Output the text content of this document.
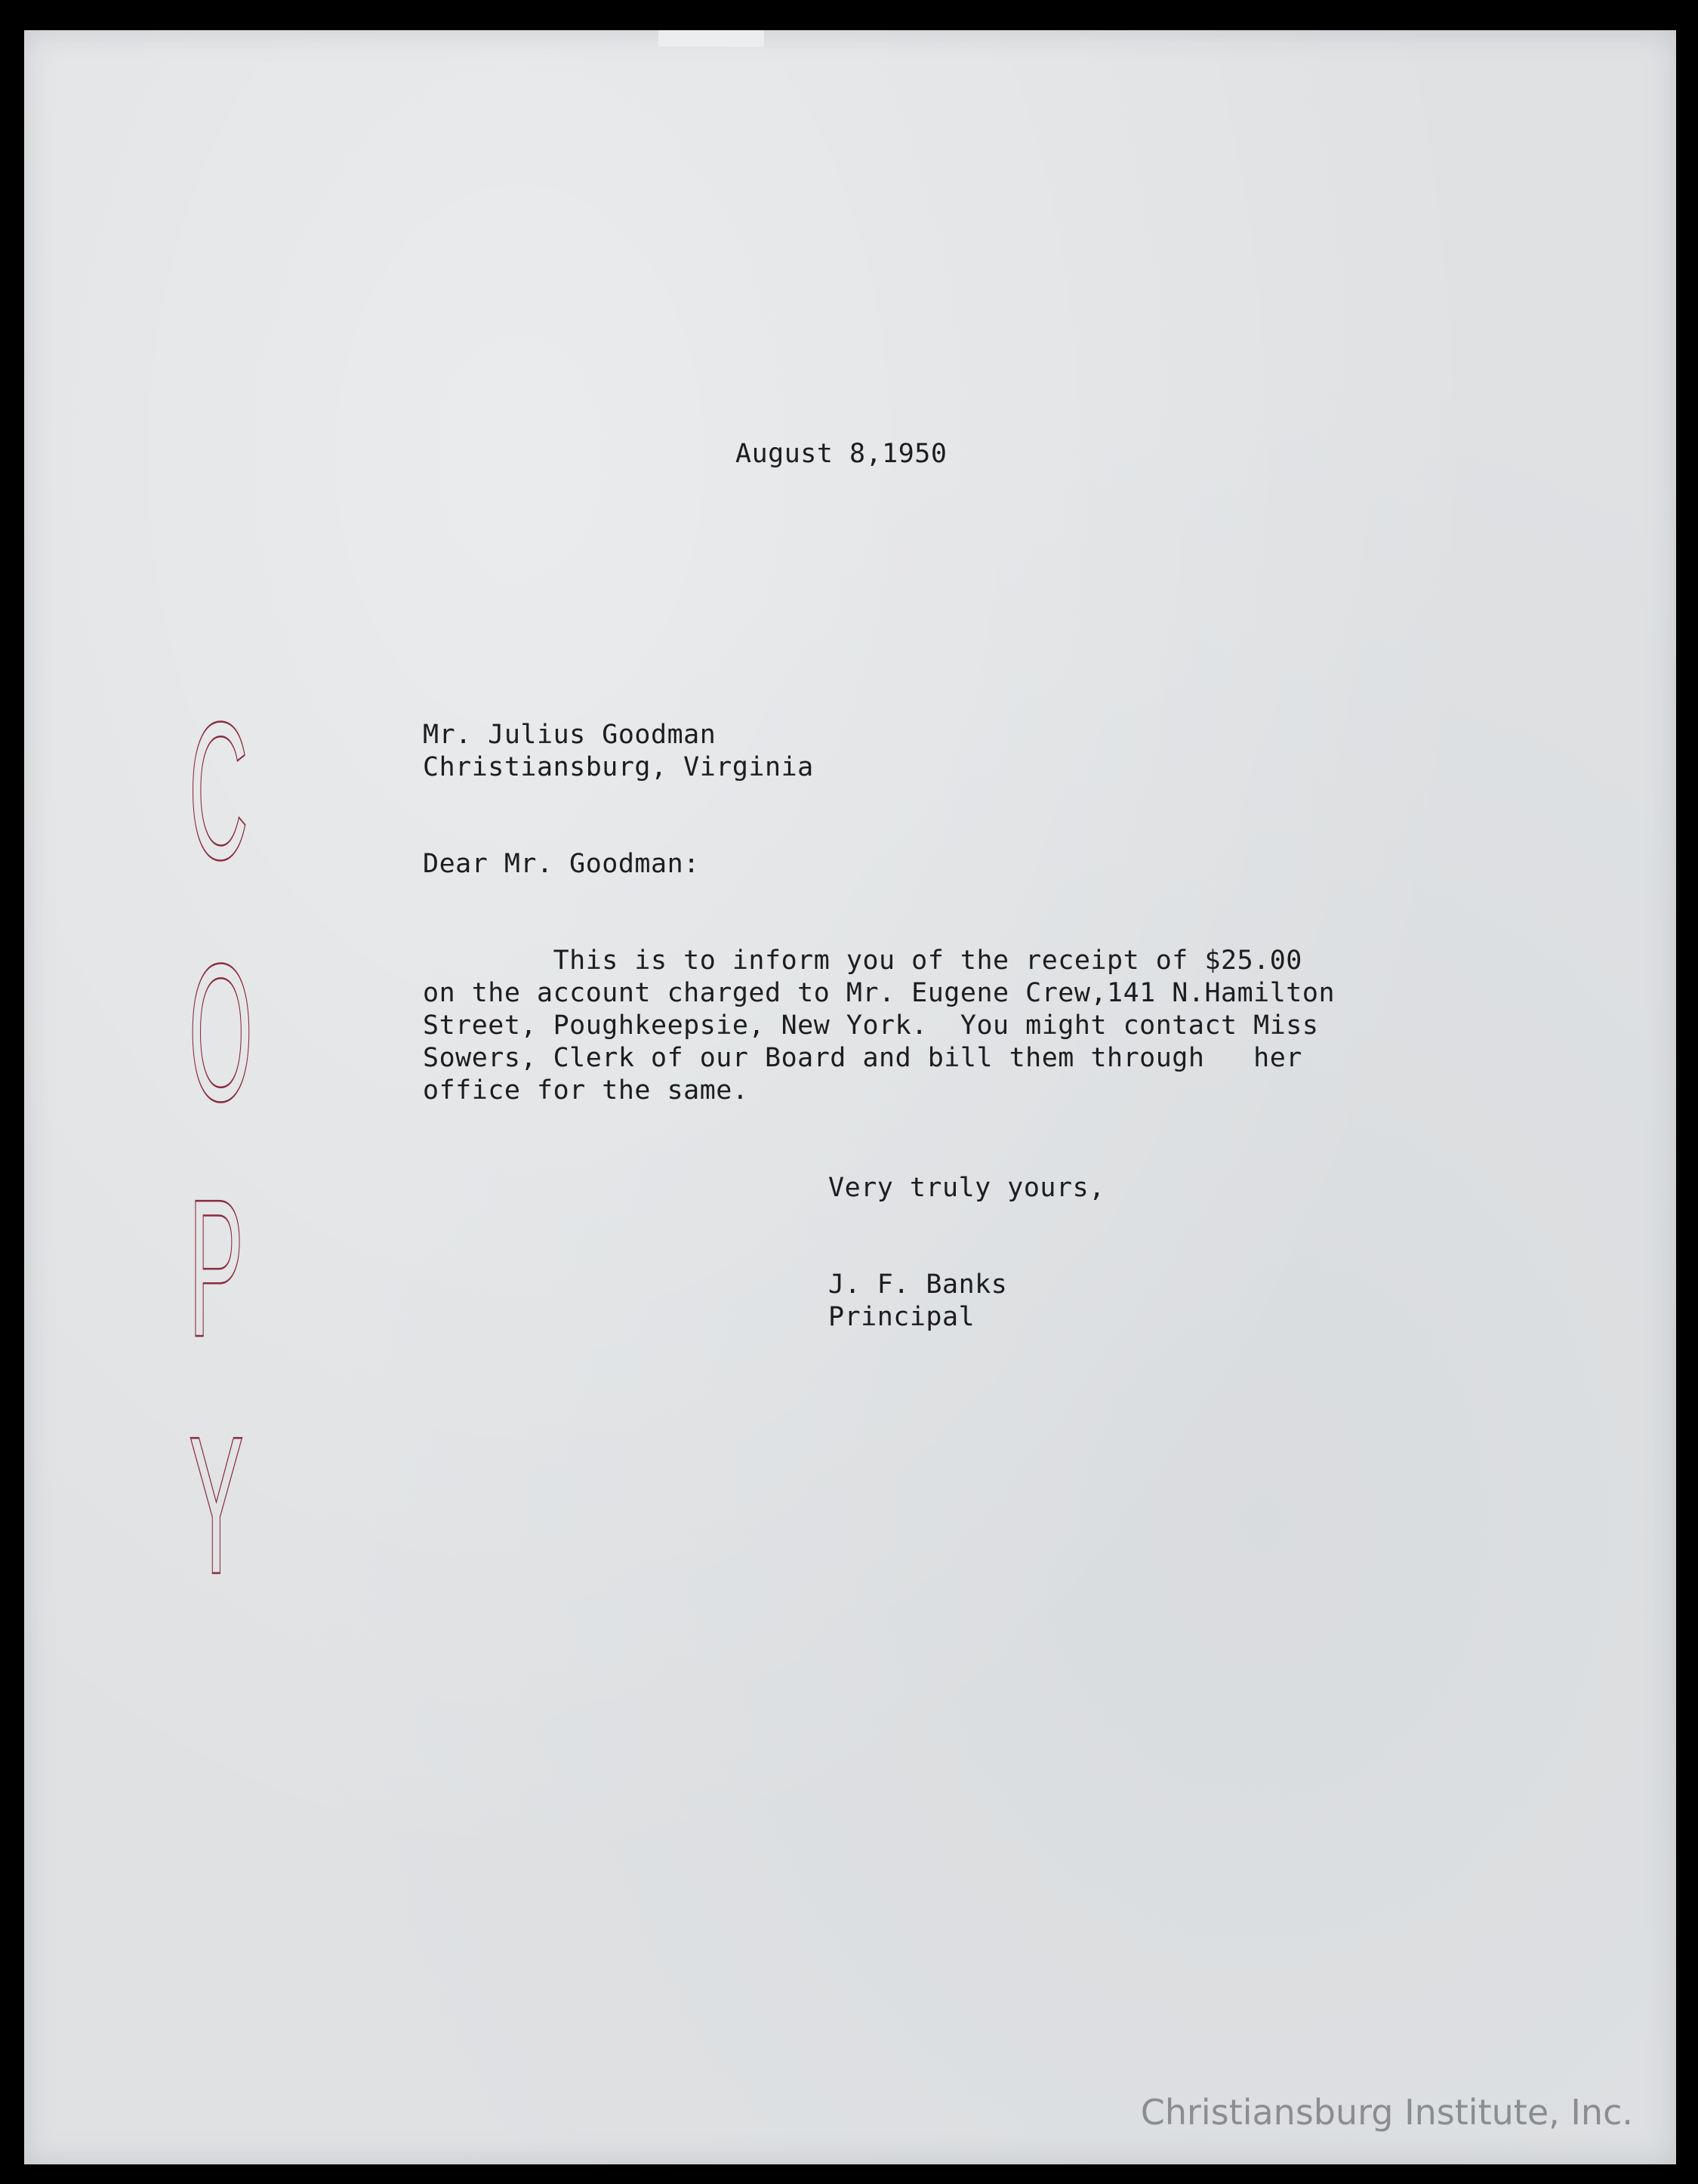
August 8,1950
Mr. Julius Goodman
Christiansburg, Virginia
Dear Mr. Goodman:
This is to inform you of the receipt of $25.00
on the account charged to Mr. Eugene Crew,141 N.Hamilton
Street, Poughkeepsie, New York.  You might contact Miss
Sowers, Clerk of our Board and bill them through   her
office for the same.
Very truly yours,
J. F. Banks
Principal
C
O
P
Y
Christiansburg Institute, Inc.
